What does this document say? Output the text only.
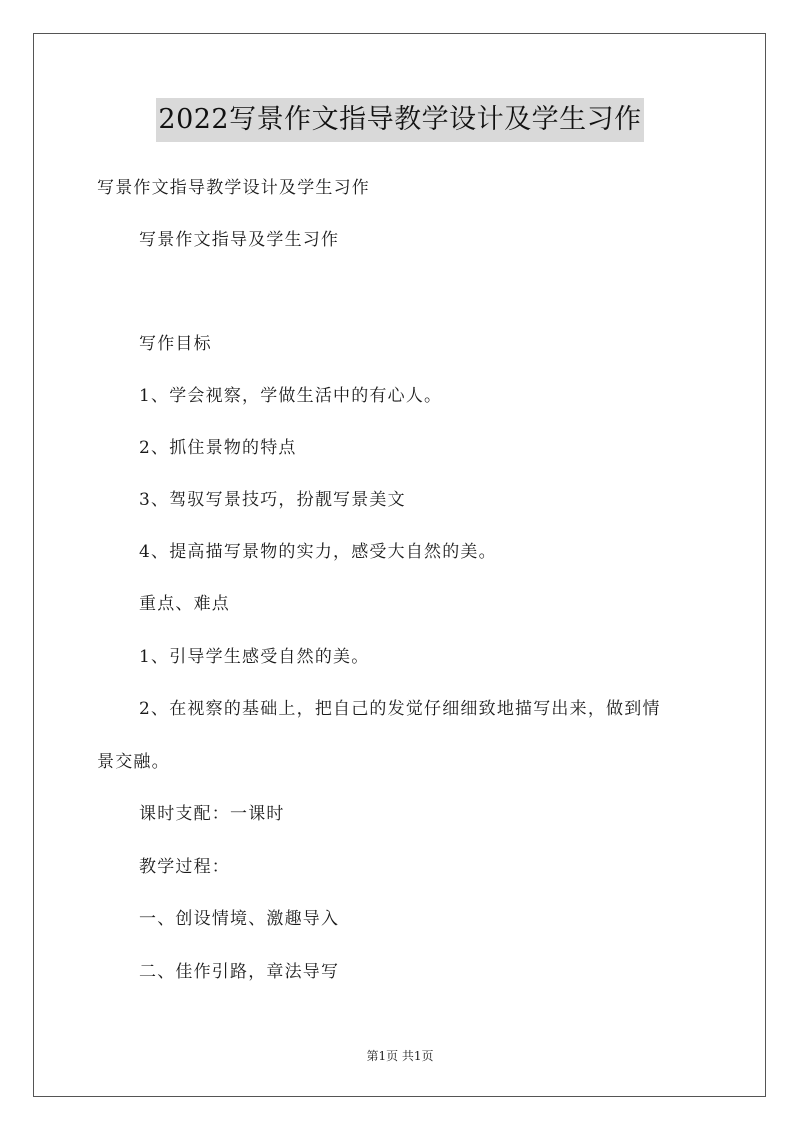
2022写景作文指导教学设计及学生习作
写景作文指导教学设计及学生习作
写景作文指导及学生习作
写作目标
1、学会视察，学做生活中的有心人。
2、抓住景物的特点
3、驾驭写景技巧，扮靓写景美文
4、提高描写景物的实力，感受大自然的美。
重点、难点
1、引导学生感受自然的美。
2、在视察的基础上，把自己的发觉仔细细致地描写出来，做到情
景交融。
课时支配：一课时
教学过程：
一、创设情境、激趣导入
二、佳作引路，章法导写
第1页 共1页
